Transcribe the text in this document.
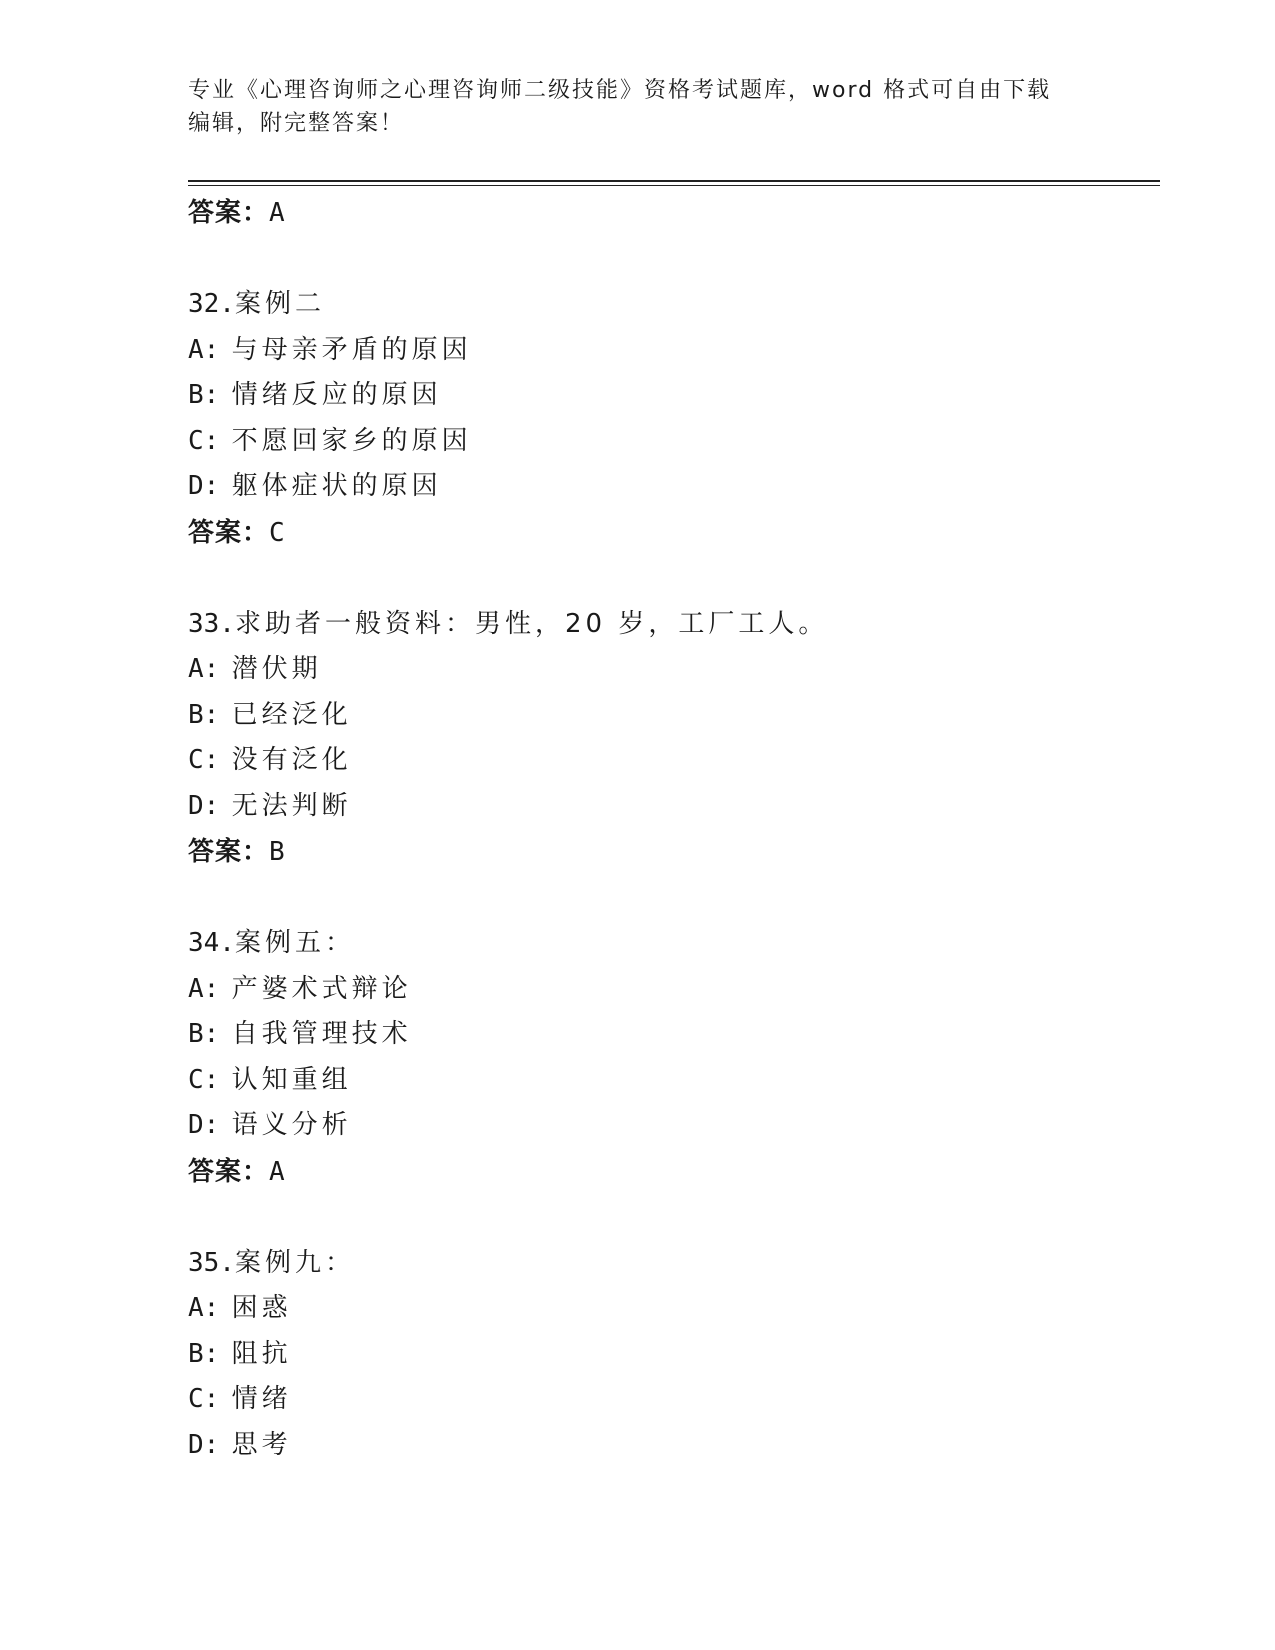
专业《心理咨询师之心理咨询师二级技能》资格考试题库，word 格式可自由下载
编辑，附完整答案！
答案：A
32.案例二
A: 与母亲矛盾的原因
B: 情绪反应的原因
C: 不愿回家乡的原因
D: 躯体症状的原因
答案：C
33.求助者一般资料：男性，20 岁，工厂工人。
A: 潜伏期
B: 已经泛化
C: 没有泛化
D: 无法判断
答案：B
34.案例五：
A: 产婆术式辩论
B: 自我管理技术
C: 认知重组
D: 语义分析
答案：A
35.案例九：
A: 困惑
B: 阻抗
C: 情绪
D: 思考
